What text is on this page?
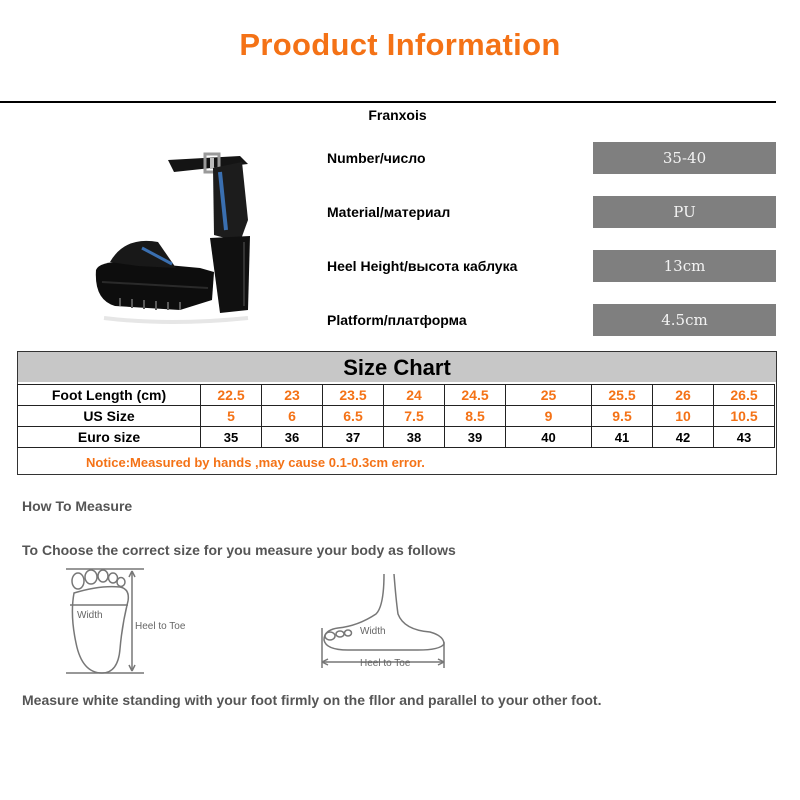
Prooduct Information
Franxois
Number/число	35-40
Material/материал	PU
Heel Height/высота каблука	13cm
Platform/платформа	4.5cm
Size Chart
Foot Length (cm)	22.5	23	23.5	24	24.5	25	25.5	26	26.5
US Size	5	6	6.5	7.5	8.5	9	9.5	10	10.5
Euro size	35	36	37	38	39	40	41	42	43
Notice:Measured by hands ,may cause 0.1-0.3cm error.
How To Measure
To Choose the correct size for you measure your body as follows
Width
Heel to Toe	Width
Heel to Toe
Measure white standing with your foot firmly on the fllor and parallel to your other foot.
